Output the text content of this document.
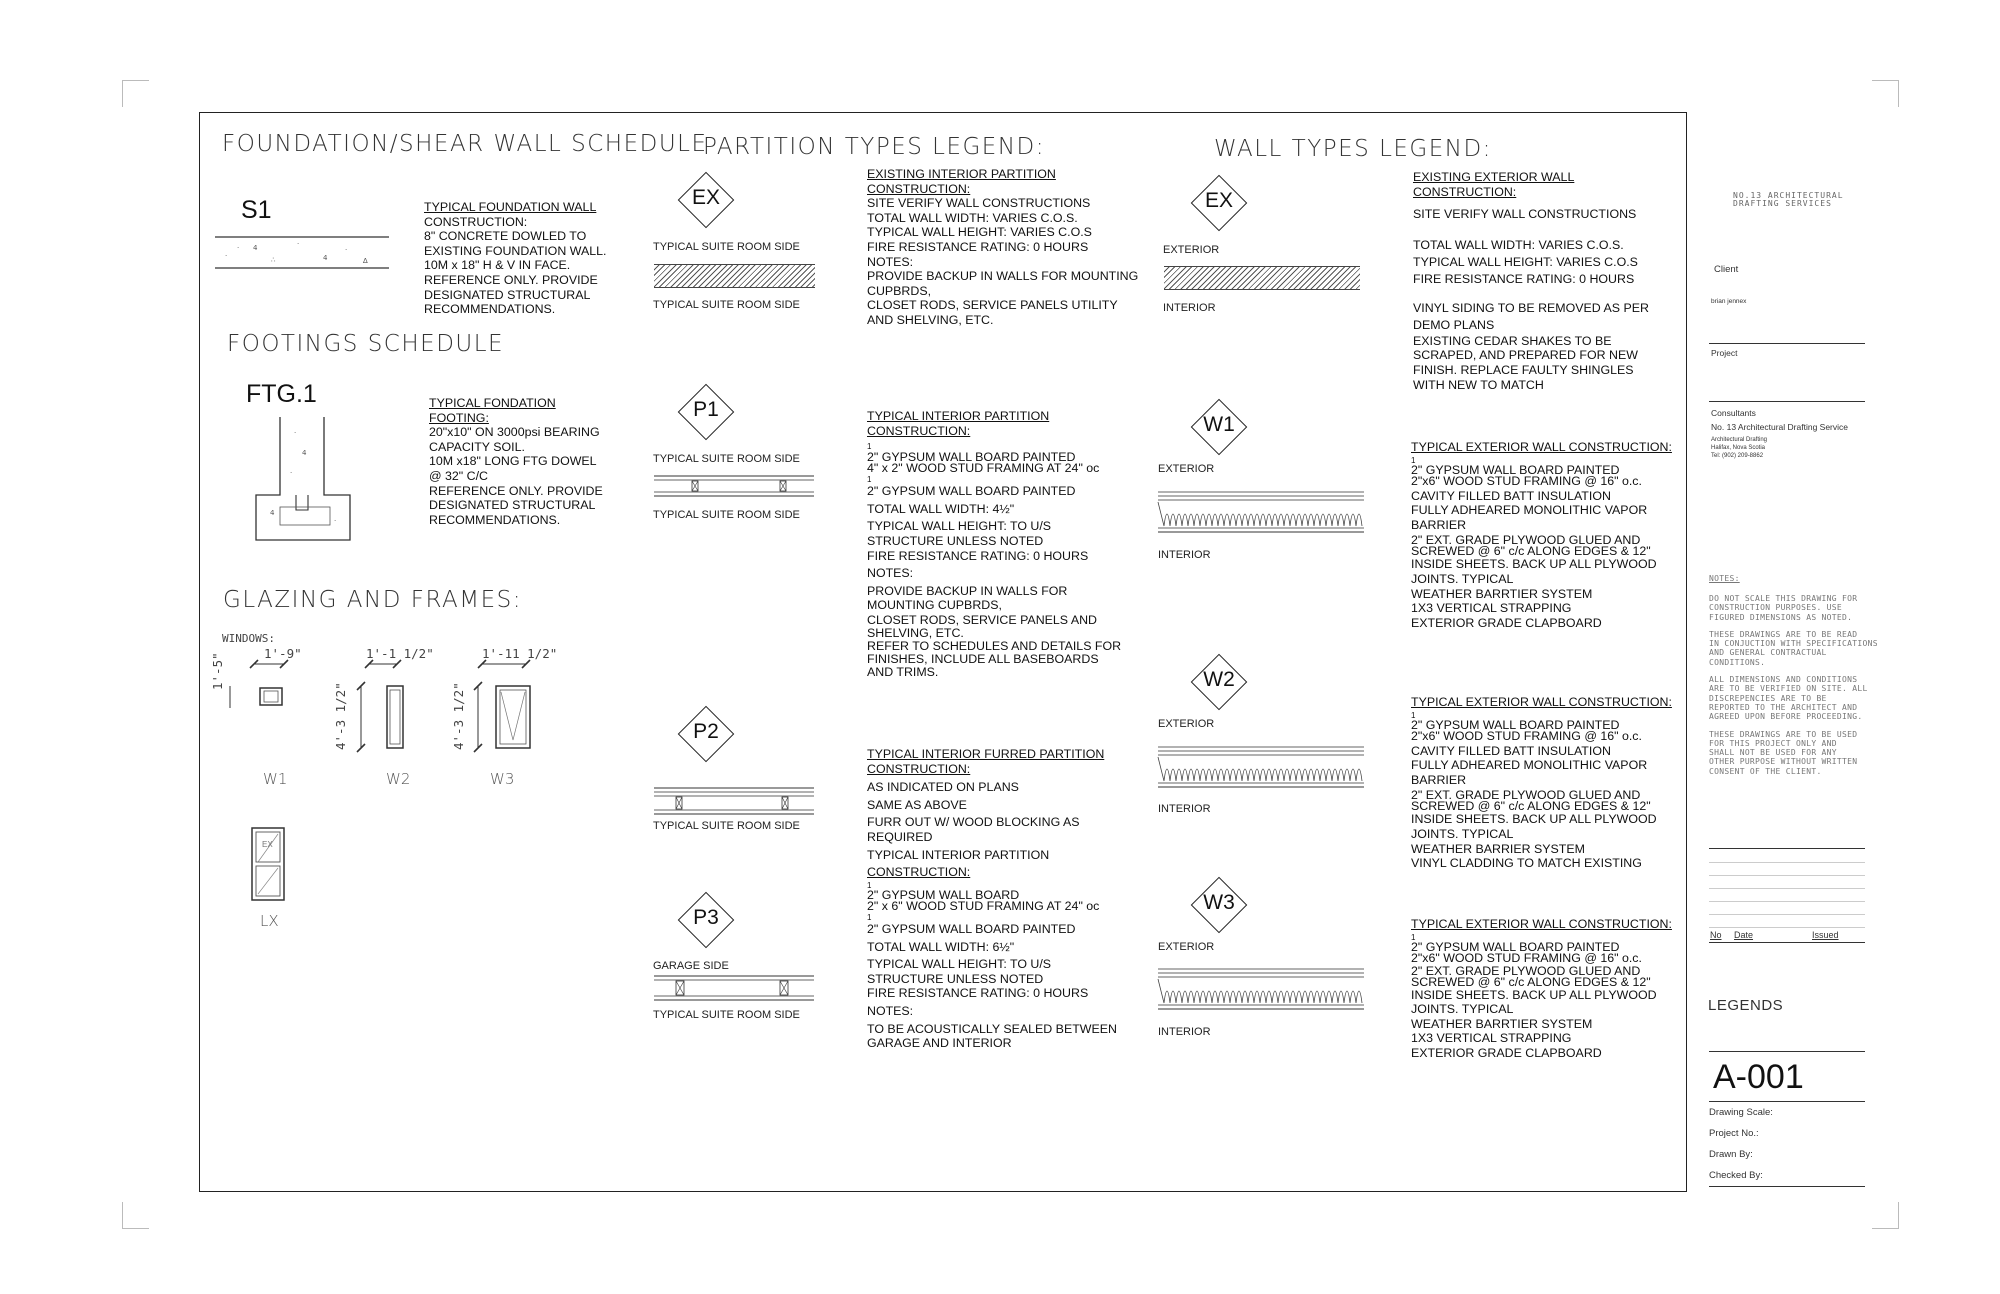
FOUNDATION/SHEAR WALL SCHEDULE
S1
·
4
∴
·
4
·
∆
·
TYPICAL FOUNDATION WALL
CONSTRUCTION:
8" CONCRETE DOWLED TO
EXISTING FOUNDATION WALL.
10M x 18" H & V IN FACE.
REFERENCE ONLY. PROVIDE
DESIGNATED STRUCTURAL
RECOMMENDATIONS.
FOOTINGS SCHEDULE
FTG.1
·
4
·
4
·
TYPICAL FONDATION
FOOTING:
20"x10" ON 3000psi BEARING
CAPACITY SOIL.
10M x18" LONG FTG DOWEL
@ 32" C/C
REFERENCE ONLY. PROVIDE
DESIGNATED STRUCTURAL
RECOMMENDATIONS.
GLAZING AND FRAMES:
WINDOWS:
1'-9"
1'-5"
W1
1'-1 1/2"
4'-3 1/2"
W2
1'-11 1/2"
4'-3 1/2"
W3
EX
LX
PARTITION TYPES LEGEND:
EX
TYPICAL SUITE ROOM SIDE
TYPICAL SUITE ROOM SIDE
EXISTING INTERIOR PARTITION
CONSTRUCTION:
SITE VERIFY WALL CONSTRUCTIONS
TOTAL WALL WIDTH: VARIES C.O.S.
TYPICAL WALL HEIGHT: VARIES C.O.S
FIRE RESISTANCE RATING: 0 HOURS
NOTES:
PROVIDE BACKUP IN WALLS FOR MOUNTING
CUPBRDS,
CLOSET RODS, SERVICE PANELS UTILITY
AND SHELVING, ETC.
P1
TYPICAL SUITE ROOM SIDE
TYPICAL SUITE ROOM SIDE
TYPICAL INTERIOR PARTITION
CONSTRUCTION:
1
2" GYPSUM WALL BOARD PAINTED
4" x 2" WOOD STUD FRAMING AT 24" oc
1
2" GYPSUM WALL BOARD PAINTED
TOTAL WALL WIDTH: 4½"
TYPICAL WALL HEIGHT: TO U/S
STRUCTURE UNLESS NOTED
FIRE RESISTANCE RATING: 0 HOURS
NOTES:
PROVIDE BACKUP IN WALLS FOR
MOUNTING CUPBRDS,
CLOSET RODS, SERVICE PANELS AND
SHELVING, ETC.
REFER TO SCHEDULES AND DETAILS FOR
FINISHES, INCLUDE ALL BASEBOARDS
AND TRIMS.
P2
TYPICAL SUITE ROOM SIDE
TYPICAL INTERIOR FURRED PARTITION
CONSTRUCTION:
AS INDICATED ON PLANS
SAME AS ABOVE
FURR OUT W/ WOOD BLOCKING AS
REQUIRED
TYPICAL INTERIOR PARTITION
CONSTRUCTION:
P3
GARAGE SIDE
TYPICAL SUITE ROOM SIDE
1
2" GYPSUM WALL BOARD
2" x 6" WOOD STUD FRAMING AT 24" oc
1
2" GYPSUM WALL BOARD PAINTED
TOTAL WALL WIDTH: 6½"
TYPICAL WALL HEIGHT: TO U/S
STRUCTURE UNLESS NOTED
FIRE RESISTANCE RATING: 0 HOURS
NOTES:
TO BE ACOUSTICALLY SEALED BETWEEN
GARAGE AND INTERIOR
WALL TYPES LEGEND:
EX
EXTERIOR
INTERIOR
EXISTING EXTERIOR WALL
CONSTRUCTION:
SITE VERIFY WALL CONSTRUCTIONS
TOTAL WALL WIDTH: VARIES C.O.S.
TYPICAL WALL HEIGHT: VARIES C.O.S
FIRE RESISTANCE RATING: 0 HOURS
VINYL SIDING TO BE REMOVED AS PER
DEMO PLANS
EXISTING CEDAR SHAKES TO BE
SCRAPED, AND PREPARED FOR NEW
FINISH. REPLACE FAULTY SHINGLES
WITH NEW TO MATCH
W1
EXTERIOR
INTERIOR
TYPICAL EXTERIOR WALL CONSTRUCTION:
1
2" GYPSUM WALL BOARD PAINTED
2"x6" WOOD STUD FRAMING @ 16" o.c.
CAVITY FILLED BATT INSULATION
FULLY ADHEARED MONOLITHIC VAPOR
BARRIER
2" EXT. GRADE PLYWOOD GLUED AND
SCREWED @ 6" c/c ALONG EDGES & 12"
INSIDE SHEETS. BACK UP ALL PLYWOOD
JOINTS. TYPICAL
WEATHER BARRTIER SYSTEM
1X3 VERTICAL STRAPPING
EXTERIOR GRADE CLAPBOARD
W2
EXTERIOR
INTERIOR
TYPICAL EXTERIOR WALL CONSTRUCTION:
1
2" GYPSUM WALL BOARD PAINTED
2"x6" WOOD STUD FRAMING @ 16" o.c.
CAVITY FILLED BATT INSULATION
FULLY ADHEARED MONOLITHIC VAPOR
BARRIER
2" EXT. GRADE PLYWOOD GLUED AND
SCREWED @ 6" c/c ALONG EDGES & 12"
INSIDE SHEETS. BACK UP ALL PLYWOOD
JOINTS. TYPICAL
WEATHER BARRIER SYSTEM
VINYL CLADDING TO MATCH EXISTING
W3
EXTERIOR
INTERIOR
TYPICAL EXTERIOR WALL CONSTRUCTION:
1
2" GYPSUM WALL BOARD PAINTED
2"x6" WOOD STUD FRAMING @ 16" o.c.
2" EXT. GRADE PLYWOOD GLUED AND
SCREWED @ 6" c/c ALONG EDGES & 12"
INSIDE SHEETS. BACK UP ALL PLYWOOD
JOINTS. TYPICAL
WEATHER BARRTIER SYSTEM
1X3 VERTICAL STRAPPING
EXTERIOR GRADE CLAPBOARD
NO.13 ARCHITECTURAL
DRAFTING SERVICES
Client
brian jennex
Project
Consultants
No. 13 Architectural Drafting Service
Architectural Drafting
Halifax, Nova Scotia
Tel: (902) 209-8862
NOTES:
DO NOT SCALE THIS DRAWING FOR
CONSTRUCTION PURPOSES. USE
FIGURED DIMENSIONS AS NOTED.
THESE DRAWINGS ARE TO BE READ
IN CONJUCTION WITH SPECIFICATIONS
AND GENERAL CONTRACTUAL
CONDITIONS.
ALL DIMENSIONS AND CONDITIONS
ARE TO BE VERIFIED ON SITE. ALL
DISCREPENCIES ARE TO BE
REPORTED TO THE ARCHITECT AND
AGREED UPON BEFORE PROCEEDING.
THESE DRAWINGS ARE TO BE USED
FOR THIS PROJECT ONLY AND
SHALL NOT BE USED FOR ANY
OTHER PURPOSE WITHOUT WRITTEN
CONSENT OF THE CLIENT.
No Date	Issued
LEGENDS
A-001
Drawing Scale:
Project No.:
Drawn By:
Checked By:
